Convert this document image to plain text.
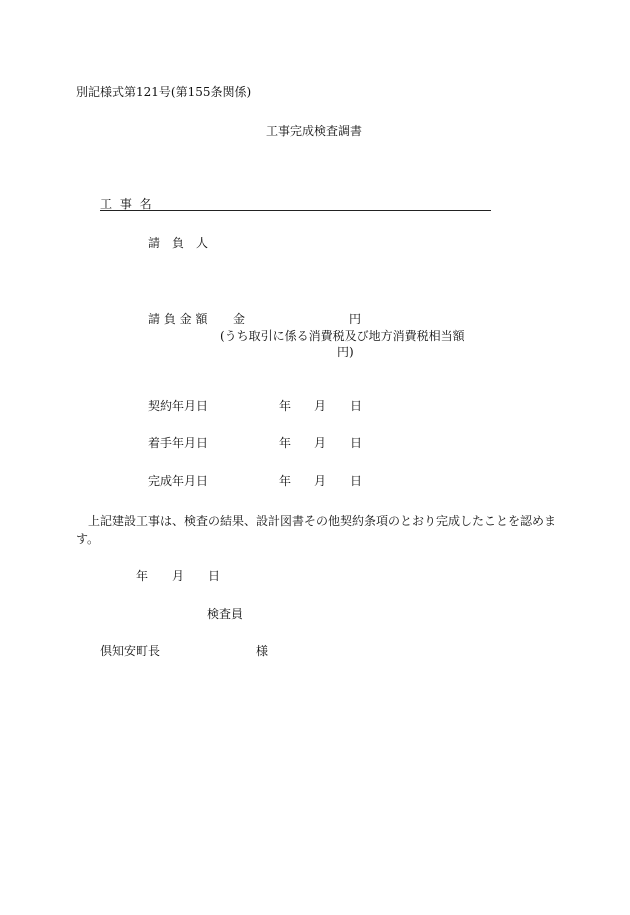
別記様式第121号(第155条関係)
工事完成検査調書
工 事 名
請　負　人
請 負 金 額 金	円
(うち取引に係る消費税及び地方消費税相当額
円)
契約年月日	年 月 日
着手年月日	年 月 日
完成年月日	年 月 日
上記建設工事は、検査の結果、設計図書その他契約条項のとおり完成したことを認めま
す。
年 月 日
検査員
倶知安町長	様
